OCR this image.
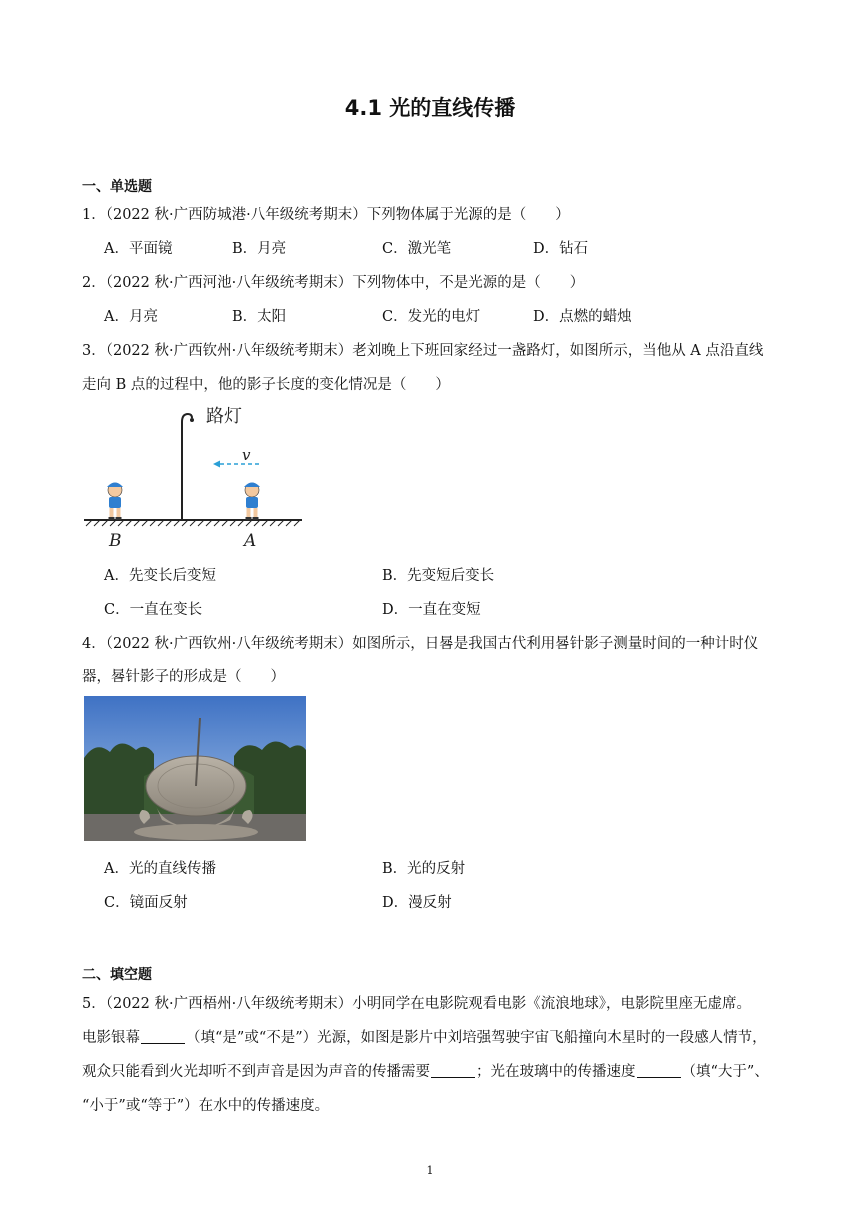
4.1 光的直线传播
一、单选题
1．（2022 秋·广西防城港·八年级统考期末）下列物体属于光源的是（　　）
A．平面镜	B．月亮	C．激光笔	D．钻石
2．（2022 秋·广西河池·八年级统考期末）下列物体中，不是光源的是（　　）
A．月亮	B．太阳	C．发光的电灯	D．点燃的蜡烛
3．（2022 秋·广西钦州·八年级统考期末）老刘晚上下班回家经过一盏路灯，如图所示，当他从 A 点沿直线
走向 B 点的过程中，他的影子长度的变化情况是（　　）
路灯
v
B	A
A．先变长后变短	B．先变短后变长
C．一直在变长	D．一直在变短
4．（2022 秋·广西钦州·八年级统考期末）如图所示，日晷是我国古代利用晷针影子测量时间的一种计时仪
器，晷针影子的形成是（　　）
A．光的直线传播	B．光的反射
C．镜面反射	D．漫反射
二、填空题
5．（2022 秋·广西梧州·八年级统考期末）小明同学在电影院观看电影《流浪地球》，电影院里座无虚席。
电影银幕	（填“是”或“不是”）光源，如图是影片中刘培强驾驶宇宙飞船撞向木星时的一段感人情节，
观众只能看到火光却听不到声音是因为声音的传播需要	；光在玻璃中的传播速度	（填“大于”、
“小于”或“等于”）在水中的传播速度。
1
